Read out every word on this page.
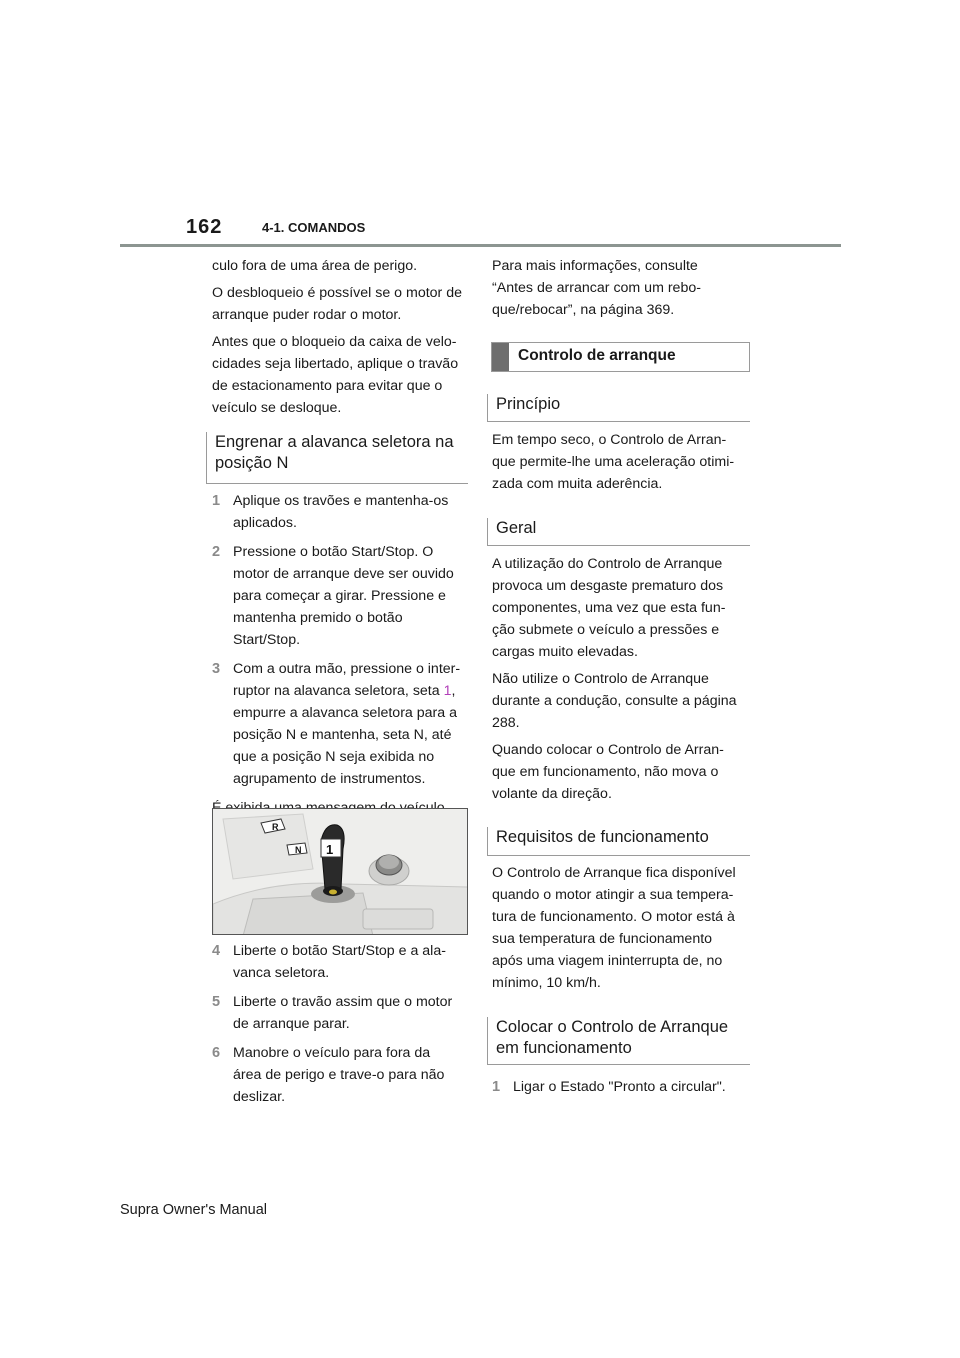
162	4-1. COMANDOS

culo fora de uma área de perigo.

O desbloqueio é possível se o motor de
arranque puder rodar o motor.

Antes que o bloqueio da caixa de velo-
cidades seja libertado, aplique o travão
de estacionamento para evitar que o
veículo se desloque.

Engrenar a alavanca seletora na
posição N
1 Aplique os travões e mantenha-os
aplicados.
2 Pressione o botão Start/Stop. O
motor de arranque deve ser ouvido
para começar a girar. Pressione e
mantenha premido o botão
Start/Stop.
3 Com a outra mão, pressione o inter-
ruptor na alavanca seletora, seta 1,
empurre a alavanca seletora para a
posição N e mantenha, seta N, até
que a posição N seja exibida no
agrupamento de instrumentos.

R
N 1
4 Liberte o botão Start/Stop e a ala-
vanca seletora.
5 Liberte o travão assim que o motor
de arranque parar.
6 Manobre o veículo para fora da
área de perigo e trave-o para não
deslizar.
Para mais informações, consulte
“Antes de arrancar com um rebo-
que/rebocar”, na página 369.
Controlo de arranque
Princípio
Em tempo seco, o Controlo de Arran-
que permite-lhe uma aceleração otimi-
zada com muita aderência.
Geral

A utilização do Controlo de Arranque
provoca um desgaste prematuro dos
componentes, uma vez que esta fun-
ção submete o veículo a pressões e
cargas muito elevadas.

Não utilize o Controlo de Arranque
durante a condução, consulte a página
288.

Quando colocar o Controlo de Arran-
que em funcionamento, não mova o
volante da direção.

Requisitos de funcionamento
O Controlo de Arranque fica disponível
quando o motor atingir a sua tempera-
tura de funcionamento. O motor está à
sua temperatura de funcionamento
após uma viagem ininterrupta de, no
mínimo, 10 km/h.
Colocar o Controlo de Arranque
em funcionamento
1 Ligar o Estado "Pronto a circular".
Supra Owner's Manual
